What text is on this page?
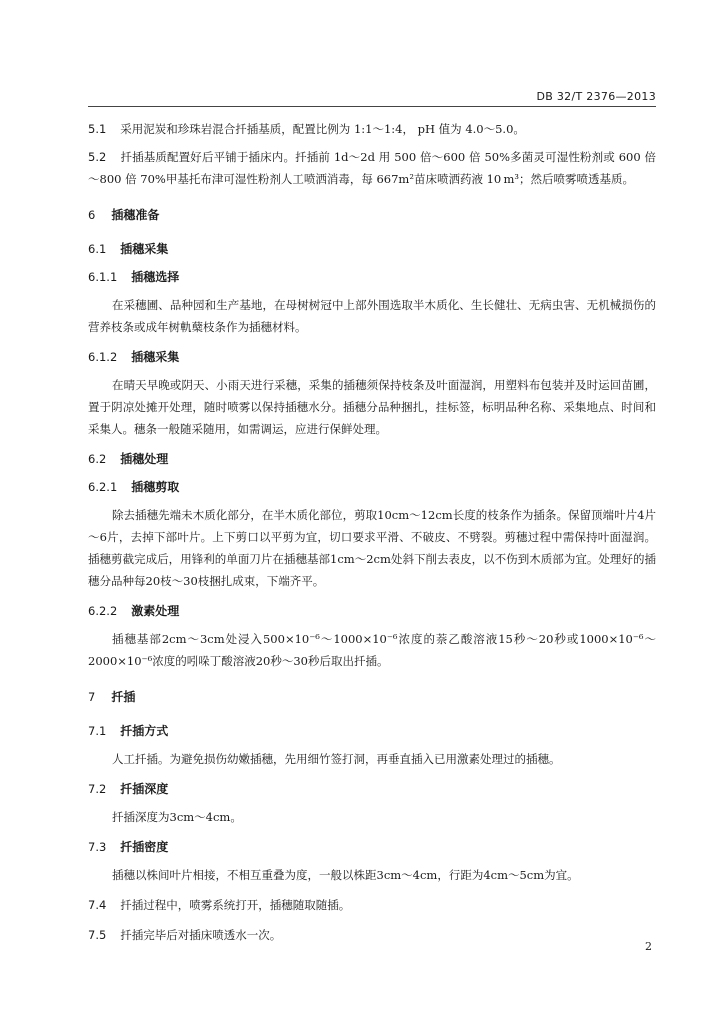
DB 32/T 2376—2013

5.1 采用泥炭和珍珠岩混合扦插基质，配置比例为 1:1～1:4， pH 值为 4.0～5.0。

5.2 扦插基质配置好后平铺于插床内。扦插前 1d～2d 用 500 倍～600 倍 50%多菌灵可湿性粉剂或 600 倍～800 倍 70%甲基托布津可湿性粉剂人工喷洒消毒，每 667m²苗床喷洒药液 10 m³；然后喷雾喷透基质。

6 插穗准备

6.1 插穗采集

6.1.1 插穗选择

在采穗圃、品种园和生产基地，在母树树冠中上部外围选取半木质化、生长健壮、无病虫害、无机械损伤的营养枝条或成年树軌蘖枝条作为插穗材料。

6.1.2 插穗采集

在晴天早晚或阴天、小雨天进行采穗，采集的插穗须保持枝条及叶面湿润，用塑料布包装并及时运回苗圃，置于阴凉处摊开处理，随时喷雾以保持插穗水分。插穗分品种捆扎，挂标签，标明品种名称、采集地点、时间和采集人。穗条一般随采随用，如需调运，应进行保鲜处理。

6.2 插穗处理

6.2.1 插穗剪取

除去插穗先端未木质化部分，在半木质化部位，剪取10cm～12cm长度的枝条作为插条。保留顶端叶片4片～6片，去掉下部叶片。上下剪口以平剪为宜，切口要求平滑、不破皮、不劈裂。剪穗过程中需保持叶面湿润。插穗剪截完成后，用锋利的单面刀片在插穗基部1cm～2cm处斜下削去表皮，以不伤到木质部为宜。处理好的插穗分品种每20枝～30枝捆扎成束，下端齐平。

6.2.2 激素处理

插穗基部2cm～3cm处浸入500×10⁻⁶～1000×10⁻⁶浓度的萘乙酸溶液15秒～20秒或1000×10⁻⁶～2000×10⁻⁶浓度的吲哚丁酸溶液20秒～30秒后取出扦插。

7 扦插

7.1 扦插方式

人工扦插。为避免损伤幼嫩插穗，先用细竹签打洞，再垂直插入已用激素处理过的插穗。

7.2 扦插深度

扦插深度为3cm～4cm。

7.3 扦插密度

插穗以株间叶片相接，不相互重叠为度，一般以株距3cm～4cm，行距为4cm～5cm为宜。

7.4 扦插过程中，喷雾系统打开，插穗随取随插。

7.5 扦插完毕后对插床喷透水一次。

2
